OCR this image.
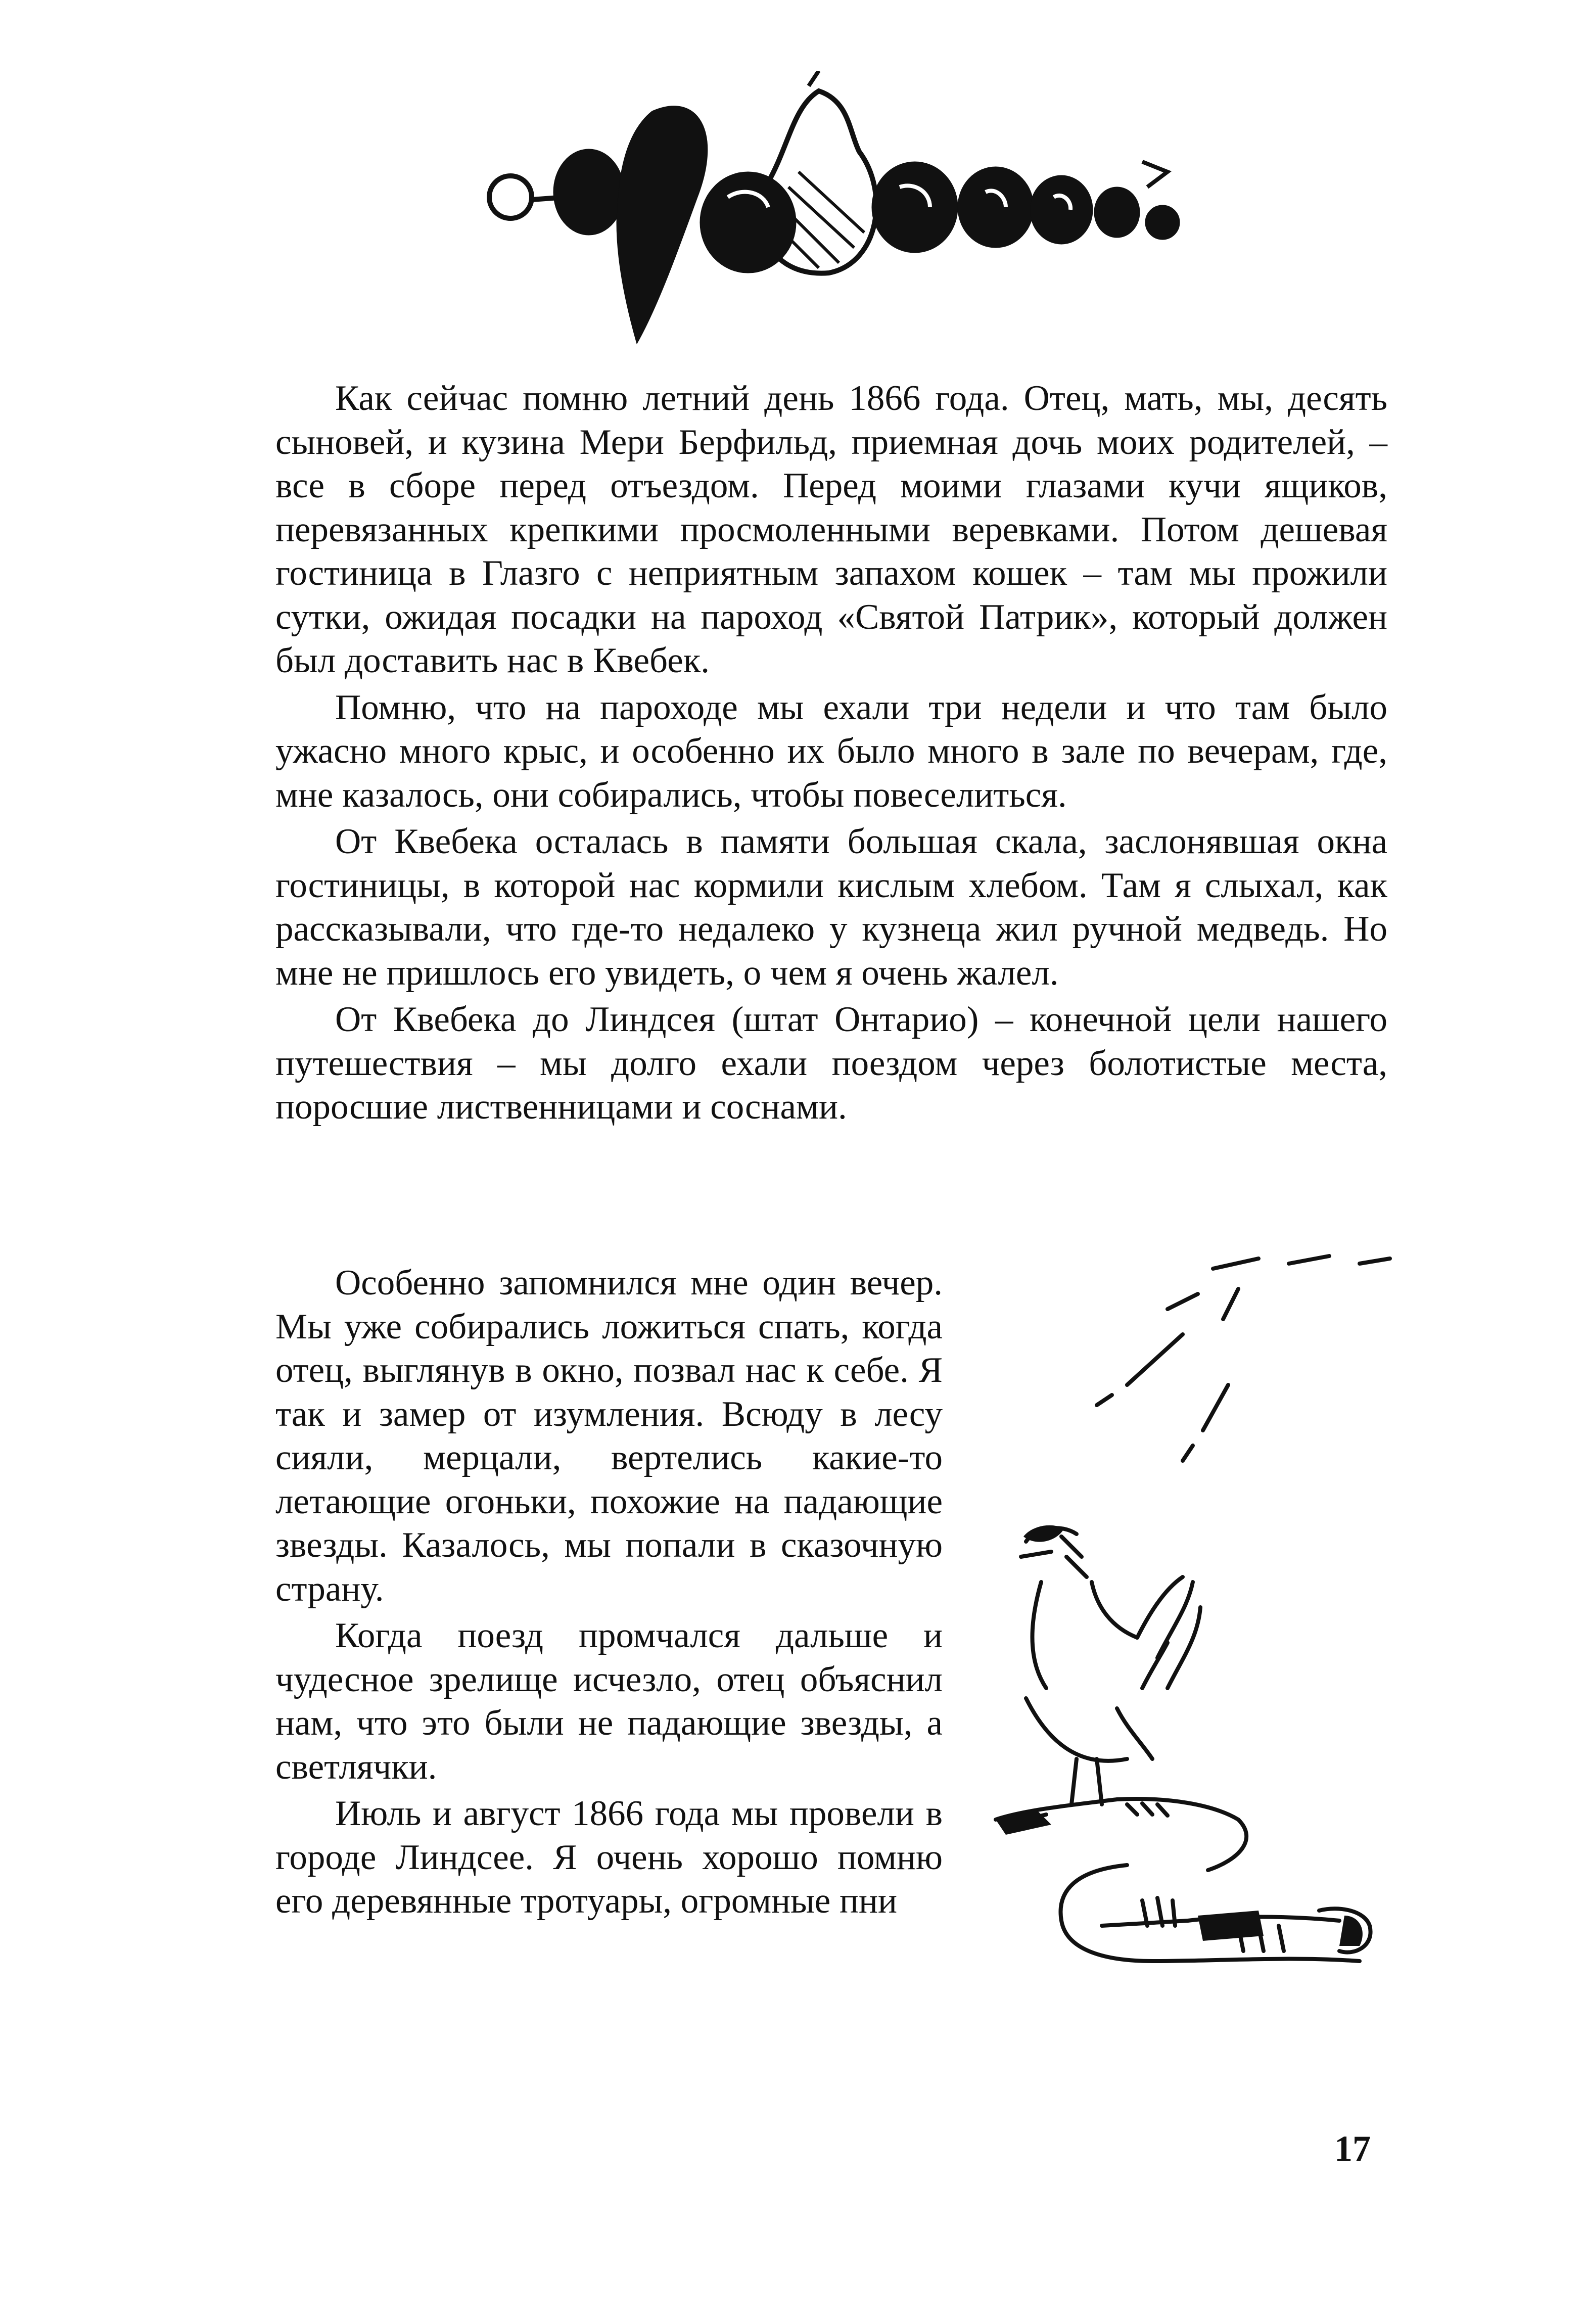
Как сейчас помню летний день 1866 года. Отец, мать, мы, десять сыновей, и кузина Мери Берфильд, приемная дочь моих родителей, – все в сборе перед отъездом. Перед моими глазами кучи ящиков, перевязанных крепкими просмоленными веревками. Потом дешевая гостиница в Глазго с неприятным запахом кошек – там мы прожили сутки, ожидая посадки на пароход «Святой Патрик», который должен был доставить нас в Квебек.

Помню, что на пароходе мы ехали три недели и что там было ужасно много крыс, и особенно их было много в зале по вечерам, где, мне казалось, они собирались, чтобы повеселиться.

От Квебека осталась в памяти большая скала, заслонявшая окна гостиницы, в которой нас кормили кислым хлебом. Там я слыхал, как рассказывали, что где-то недалеко у кузнеца жил ручной медведь. Но мне не пришлось его увидеть, о чем я очень жалел.

От Квебека до Линдсея (штат Онтарио) – конечной цели нашего путешествия – мы долго ехали поездом через болотистые места, поросшие лиственницами и соснами.

Особенно запомнился мне один вечер. Мы уже собирались ложиться спать, когда отец, выглянув в окно, позвал нас к себе. Я так и замер от изумления. Всюду в лесу сияли, мерцали, вертелись какие-то летающие огоньки, похожие на падающие звезды. Казалось, мы попали в сказочную страну.

Когда поезд промчался дальше и чудесное зрелище исчезло, отец объяснил нам, что это были не падающие звезды, а светлячки.

Июль и август 1866 года мы провели в городе Линдсее. Я очень хорошо помню его деревянные тротуары, огромные пни

17
